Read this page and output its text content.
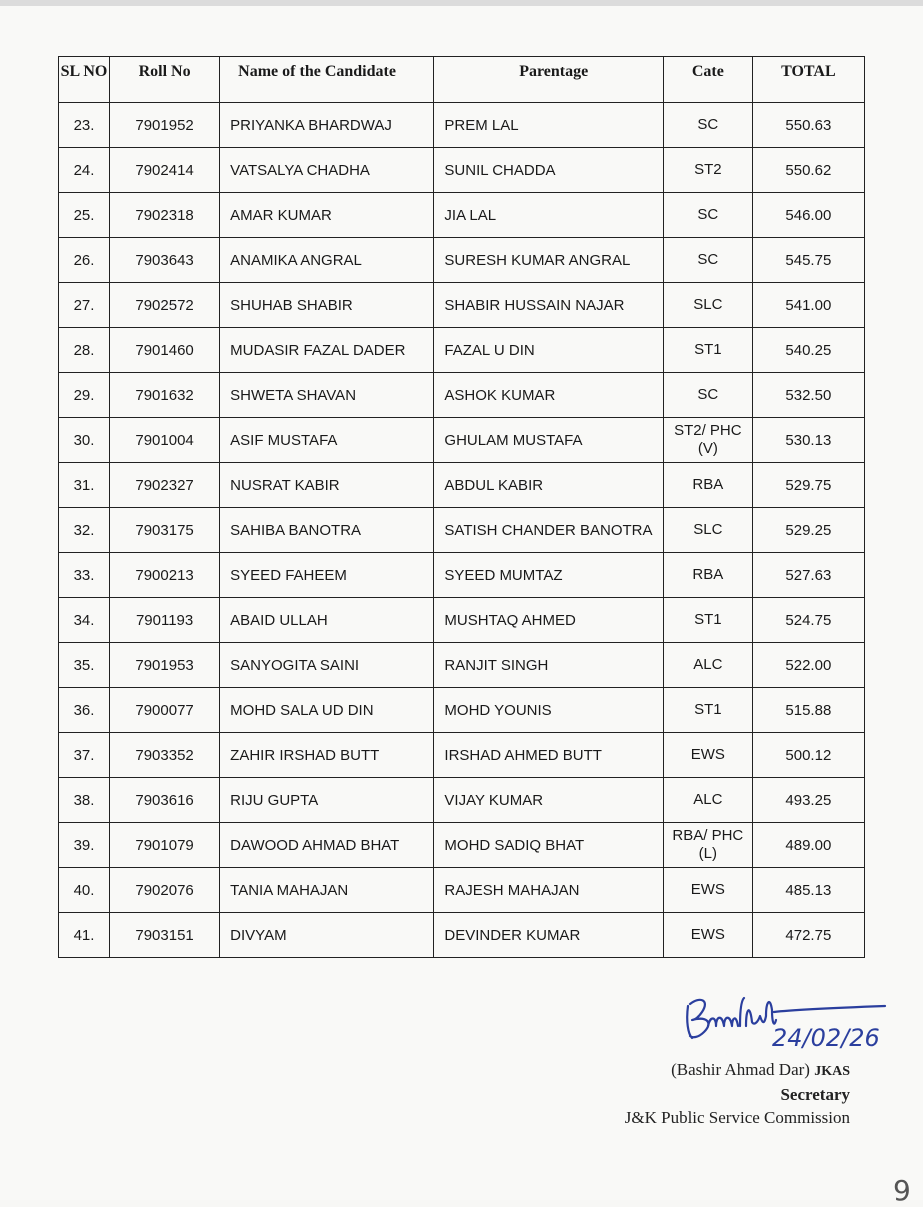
SL NO	Roll No	Name of the Candidate	Parentage	Cate	TOTAL
23.	7901952	PRIYANKA BHARDWAJ	PREM LAL	SC	550.63
24.	7902414	VATSALYA CHADHA	SUNIL CHADDA	ST2	550.62
25.	7902318	AMAR KUMAR	JIA LAL	SC	546.00
26.	7903643	ANAMIKA ANGRAL	SURESH KUMAR ANGRAL	SC	545.75
27.	7902572	SHUHAB SHABIR	SHABIR HUSSAIN NAJAR	SLC	541.00
28.	7901460	MUDASIR FAZAL DADER	FAZAL U DIN	ST1	540.25
29.	7901632	SHWETA SHAVAN	ASHOK KUMAR	SC	532.50
30.	7901004	ASIF MUSTAFA	GHULAM MUSTAFA	ST2/ PHC (V)	530.13
31.	7902327	NUSRAT KABIR	ABDUL KABIR	RBA	529.75
32.	7903175	SAHIBA BANOTRA	SATISH CHANDER BANOTRA	SLC	529.25
33.	7900213	SYEED FAHEEM	SYEED MUMTAZ	RBA	527.63
34.	7901193	ABAID ULLAH	MUSHTAQ AHMED	ST1	524.75
35.	7901953	SANYOGITA SAINI	RANJIT SINGH	ALC	522.00
36.	7900077	MOHD SALA UD DIN	MOHD YOUNIS	ST1	515.88
37.	7903352	ZAHIR IRSHAD BUTT	IRSHAD AHMED BUTT	EWS	500.12
38.	7903616	RIJU GUPTA	VIJAY KUMAR	ALC	493.25
39.	7901079	DAWOOD AHMAD BHAT	MOHD SADIQ BHAT	RBA/ PHC (L)	489.00
40.	7902076	TANIA MAHAJAN	RAJESH MAHAJAN	EWS	485.13
41.	7903151	DIVYAM	DEVINDER KUMAR	EWS	472.75
24/02/26
(Bashir Ahmad Dar) JKAS
Secretary
J&K Public Service Commission
9
